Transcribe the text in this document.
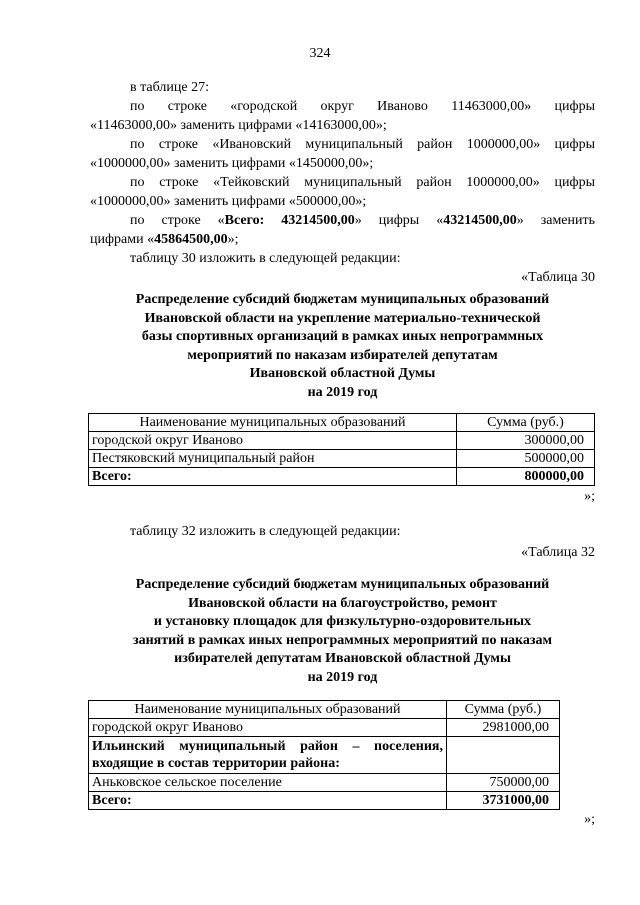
324
в таблице 27:
по строке «городской округ Иваново 11463000,00» цифры
«11463000,00» заменить цифрами «14163000,00»;
по строке «Ивановский муниципальный район 1000000,00» цифры
«1000000,00» заменить цифрами «1450000,00»;
по строке «Тейковский муниципальный район 1000000,00» цифры
«1000000,00» заменить цифрами «500000,00»;
по строке «Всего: 43214500,00» цифры «43214500,00» заменить
цифрами «45864500,00»;
таблицу 30 изложить в следующей редакции:
«Таблица 30
Распределение субсидий бюджетам муниципальных образований
Ивановской области на укрепление материально-технической
базы спортивных организаций в рамках иных непрограммных
мероприятий по наказам избирателей депутатам
Ивановской областной Думы
на 2019 год
Наименование муниципальных образований	Сумма (руб.)
городской округ Иваново	300000,00
Пестяковский муниципальный район	500000,00
Всего:	800000,00
»;
таблицу 32 изложить в следующей редакции:
«Таблица 32
Распределение субсидий бюджетам муниципальных образований
Ивановской области на благоустройство, ремонт
и установку площадок для физкультурно-оздоровительных
занятий в рамках иных непрограммных мероприятий по наказам
избирателей депутатам Ивановской областной Думы
на 2019 год
Наименование муниципальных образований	Сумма (руб.)
городской округ Иваново	2981000,00

Ильинский муниципальный район – поселения,
входящие в состав территории района:	

Аньковское сельское поселение	750000,00
Всего:	3731000,00
»;
